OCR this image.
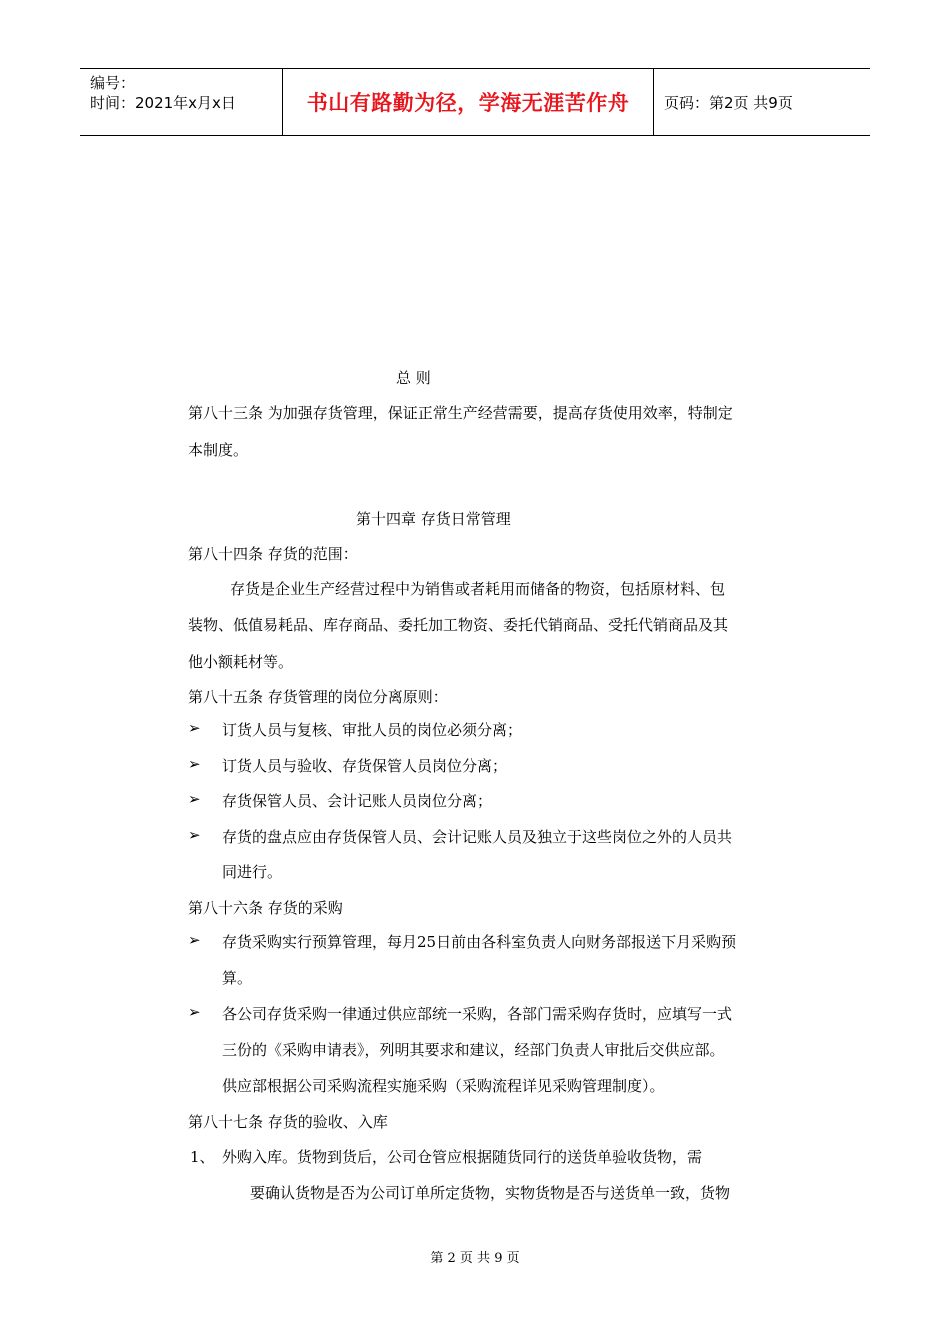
编号：
时间：2021年x月x日	书山有路勤为径，学海无涯苦作舟	页码：第2页 共9页
总 则
第八十三条 为加强存货管理，保证正常生产经营需要，提高存货使用效率，特制定
本制度。
第十四章 存货日常管理
第八十四条 存货的范围：
存货是企业生产经营过程中为销售或者耗用而储备的物资，包括原材料、包
装物、低值易耗品、库存商品、委托加工物资、委托代销商品、受托代销商品及其
他小额耗材等。
第八十五条 存货管理的岗位分离原则：
➢ 订货人员与复核、审批人员的岗位必须分离；
➢ 订货人员与验收、存货保管人员岗位分离；
➢ 存货保管人员、会计记账人员岗位分离；
➢ 存货的盘点应由存货保管人员、会计记账人员及独立于这些岗位之外的人员共
同进行。
第八十六条 存货的采购
➢ 存货采购实行预算管理，每月25日前由各科室负责人向财务部报送下月采购预
算。
➢ 各公司存货采购一律通过供应部统一采购，各部门需采购存货时，应填写一式
三份的《采购申请表》，列明其要求和建议，经部门负责人审批后交供应部。
供应部根据公司采购流程实施采购（采购流程详见采购管理制度）。
第八十七条 存货的验收、入库
1、 外购入库。货物到货后，公司仓管应根据随货同行的送货单验收货物，需
要确认货物是否为公司订单所定货物，实物货物是否与送货单一致，货物
第 2 页 共 9 页
